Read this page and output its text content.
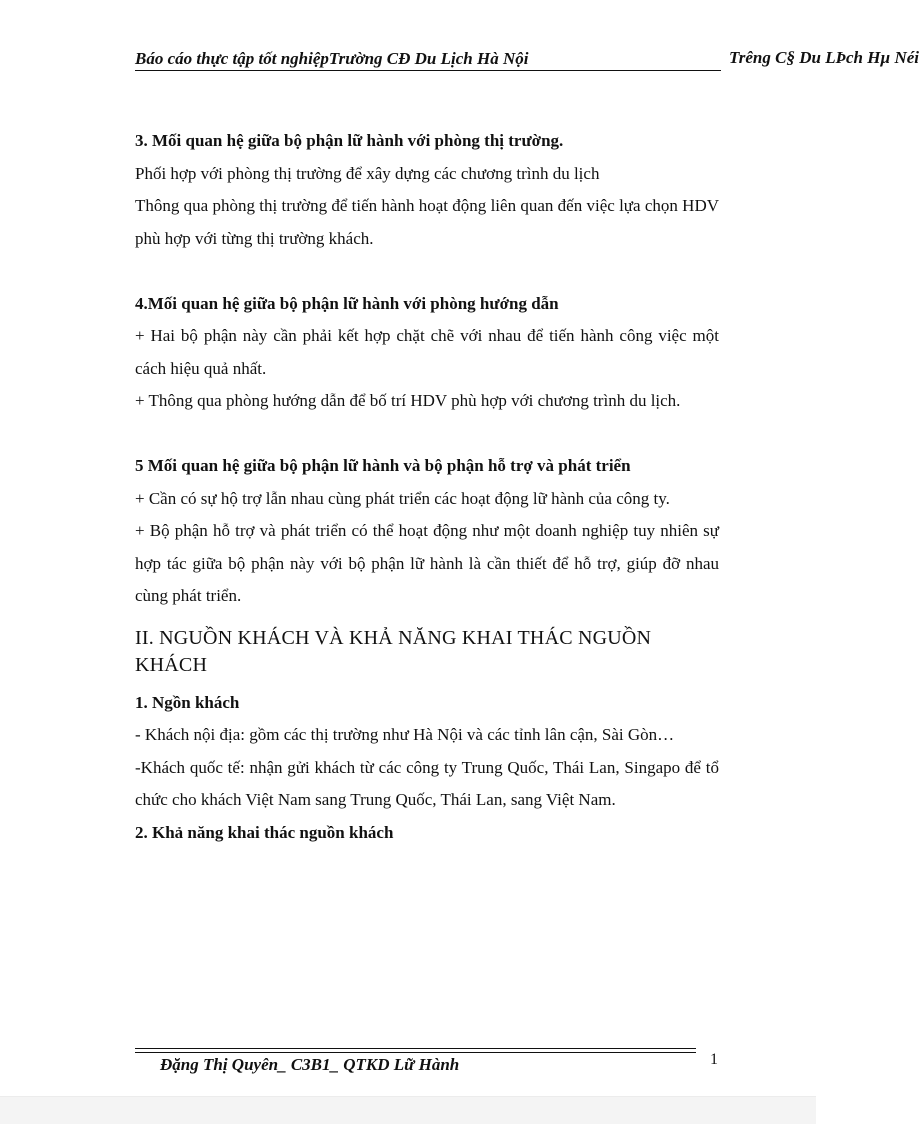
Báo cáo thực tập tốt nghiệpTrường CĐ Du Lịch Hà Nội	Trêng C§ Du LÞch Hµ Néi

3. Mối quan hệ giữa bộ phận lữ hành với phòng thị trường.

Phối hợp với phòng thị trường để xây dựng các chương trình du lịch

Thông qua phòng thị trường để tiến hành hoạt động liên quan đến việc lựa chọn HDV phù hợp với từng thị trường khách.

4.Mối quan hệ giữa bộ phận lữ hành với phòng hướng dẫn

+ Hai bộ phận này cần phải kết hợp chặt chẽ với nhau để tiến hành công việc một cách hiệu quả nhất.

+ Thông qua phòng hướng dẫn để bố trí HDV phù hợp với chương trình du lịch.

5 Mối quan hệ giữa bộ phận lữ hành và bộ phận hỗ trợ và phát triển

+ Cần có sự hộ trợ lẫn nhau cùng phát triển các hoạt động lữ hành của công ty.

+ Bộ phận hỗ trợ và phát triển có thể hoạt động như một doanh nghiệp tuy nhiên sự hợp tác giữa bộ phận này với bộ phận lữ hành là cần thiết để hỗ trợ, giúp đỡ nhau cùng phát triển.

II. NGUỒN KHÁCH VÀ KHẢ NĂNG KHAI THÁC NGUỒN KHÁCH

1. Ngồn khách

- Khách nội địa: gồm các thị trường như Hà Nội và các tỉnh lân cận, Sài Gòn…

-Khách quốc tế: nhận gửi khách từ các công ty Trung Quốc, Thái Lan, Singapo để tổ chức cho khách Việt Nam sang Trung Quốc, Thái Lan, sang Việt Nam.

2. Khả năng khai thác nguồn khách

Đặng Thị Quyên_ C3B1_ QTKD Lữ Hành	1
